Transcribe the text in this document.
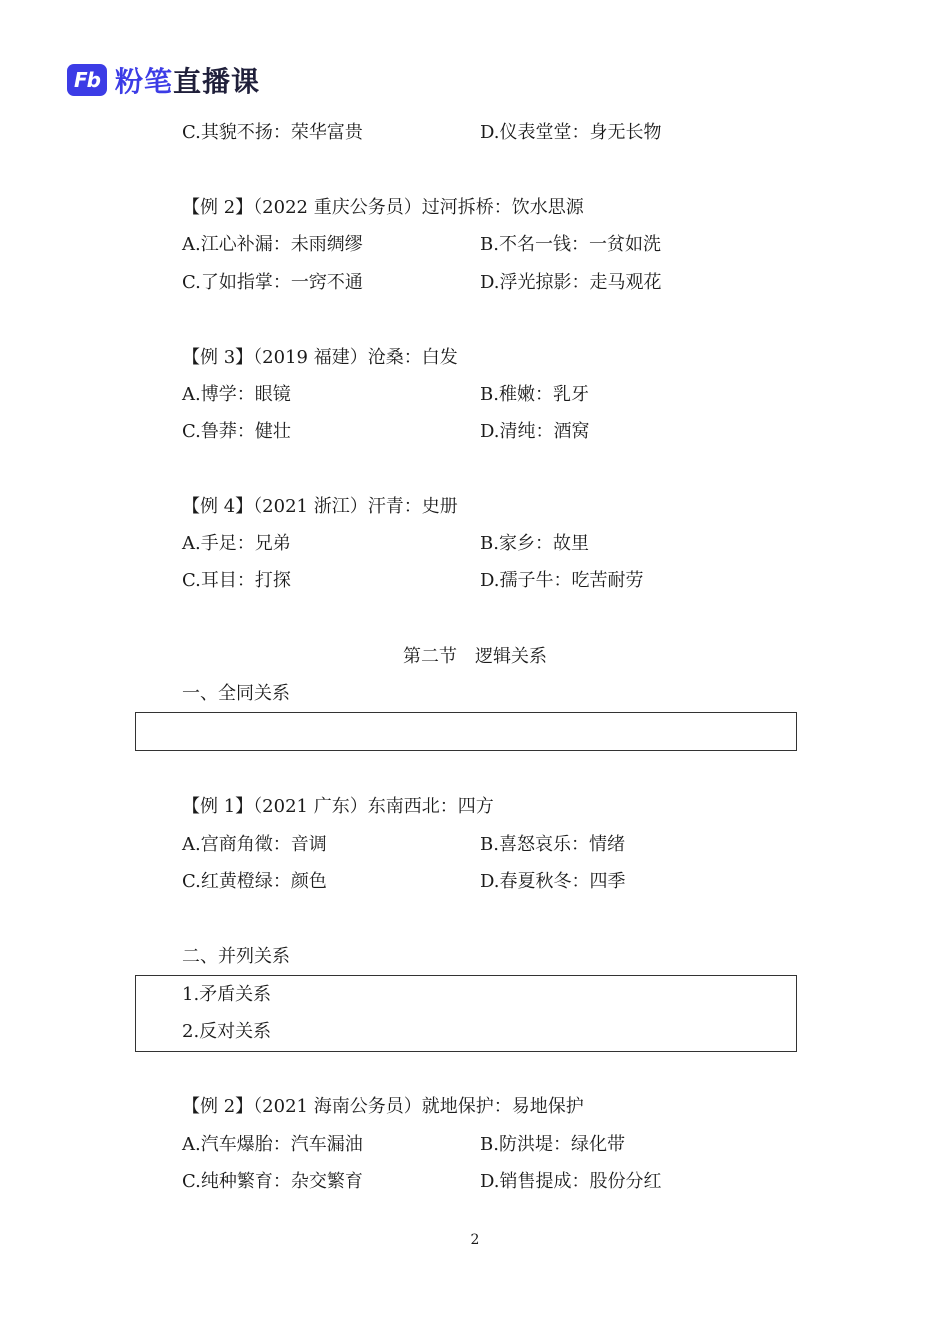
Fb 粉笔直播课
C.其貌不扬：荣华富贵	D.仪表堂堂：身无长物
【例 2】（2022 重庆公务员）过河拆桥：饮水思源
A.江心补漏：未雨绸缪	B.不名一钱：一贫如洗
C.了如指掌：一窍不通	D.浮光掠影：走马观花
【例 3】（2019 福建）沧桑：白发
A.博学：眼镜	B.稚嫩：乳牙
C.鲁莽：健壮	D.清纯：酒窝
【例 4】（2021 浙江）汗青：史册
A.手足：兄弟	B.家乡：故里
C.耳目：打探	D.孺子牛：吃苦耐劳
第二节　逻辑关系
一、全同关系
【例 1】（2021 广东）东南西北：四方
A.宫商角徵：音调	B.喜怒哀乐：情绪
C.红黄橙绿：颜色	D.春夏秋冬：四季
二、并列关系
1.矛盾关系
2.反对关系
【例 2】（2021 海南公务员）就地保护：易地保护
A.汽车爆胎：汽车漏油	B.防洪堤：绿化带
C.纯种繁育：杂交繁育	D.销售提成：股份分红
2
